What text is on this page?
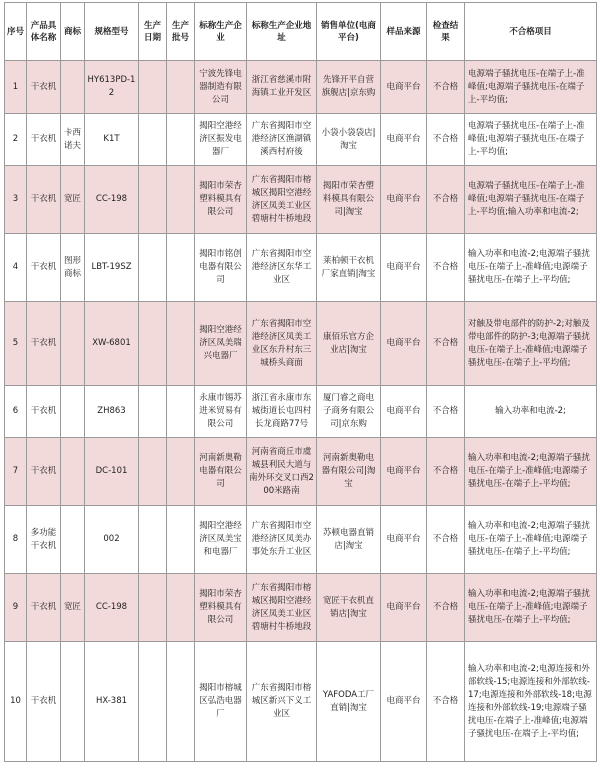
序号	产品具体名称	商标	规格型号	生产日期	生产批号	标称生产企业	标称生产企业地址	销售单位(电商平台)	样品来源	检查结果	不合格项目
1	干衣机		HY613PD-12			宁波先锋电器制造有限公司	浙江省慈溪市附海镇工业开发区	先锋开平自营旗舰店|京东购	电商平台	不合格	电源端子骚扰电压-在端子上-准峰值;电源端子骚扰电压-在端子上-平均值;
2	干衣机	卡西诺夫	K1T			揭阳空港经济区振发电器厂	广东省揭阳市空港经济区渔湖镇溪西村府後	小袋小袋袋店|淘宝	电商平台	不合格	电源端子骚扰电压-在端子上-准峰值;电源端子骚扰电压-在端子上-平均值;
3	干衣机	宽匠	CC-198			揭阳市荣杏塑料模具有限公司	广东省揭阳市榕城区揭阳空港经济区凤美工业区碧塘村牛桥地段	揭阳市荣杏塑料模具有限公司|淘宝	电商平台	不合格	电源端子骚扰电压-在端子上-准峰值;电源端子骚扰电压-在端子上-平均值;输入功率和电流-2;
4	干衣机	图形商标	LBT-19SZ			揭阳市铭创电器有限公司	广东省揭阳市空港经济区东华工业区	莱柏顿干衣机厂家直销|淘宝	电商平台	不合格	输入功率和电流-2;电源端子骚扰电压-在端子上-准峰值;电源端子骚扰电压-在端子上-平均值;
5	干衣机		XW-6801			揭阳空港经济区凤美瑞兴电器厂	广东省揭阳市空港经济区凤美工业区东升村东三城桥头商面	康佰乐官方企业店|淘宝	电商平台	不合格	对触及带电部件的防护-2;对触及带电部件的防护-3;电源端子骚扰电压-在端子上-准峰值;电源端子骚扰电压-在端子上-平均值;
6	干衣机		ZH863			永康市锡苏进米贸易有限公司	浙江省永康市东城街道长屯四村长龙商路77号	厦门睿之商电子商务有限公司|京东购	电商平台	不合格	输入功率和电流-2;
7	干衣机		DC-101			河南新奥勒电器有限公司	河南省商丘市虞城县利民大道与南外环交叉口西200米路南	河南新奥勒电器有限公司|淘宝	电商平台	不合格	输入功率和电流-2;电源端子骚扰电压-在端子上-准峰值;电源端子骚扰电压-在端子上-平均值;
8	多功能干衣机		002			揭阳空港经济区凤美宝和电器厂	广东省揭阳市空港经济区凤美办事处东升工业区	苏顿电器直销店|淘宝	电商平台	不合格	输入功率和电流-2;电源端子骚扰电压-在端子上-准峰值;电源端子骚扰电压-在端子上-平均值;
9	干衣机	宽匠	CC-198			揭阳市荣杏塑料模具有限公司	广东省揭阳市榕城区揭阳空港经济区凤美工业区碧塘村牛桥地段	宽匠干衣机直销店|淘宝	电商平台	不合格	输入功率和电流-2;电源端子骚扰电压-在端子上-准峰值;电源端子骚扰电压-在端子上-平均值;
10	干衣机		HX-381			揭阳市榕城区弘浩电器厂	广东省揭阳市榕城区新兴下义工业区	YAFODA工厂直销|淘宝	电商平台	不合格	输入功率和电流-2;电源连接和外部软线-15;电源连接和外部软线-17;电源连接和外部软线-18;电源连接和外部软线-19;电源端子骚扰电压-在端子上-准峰值;电源端子骚扰电压-在端子上-平均值;
